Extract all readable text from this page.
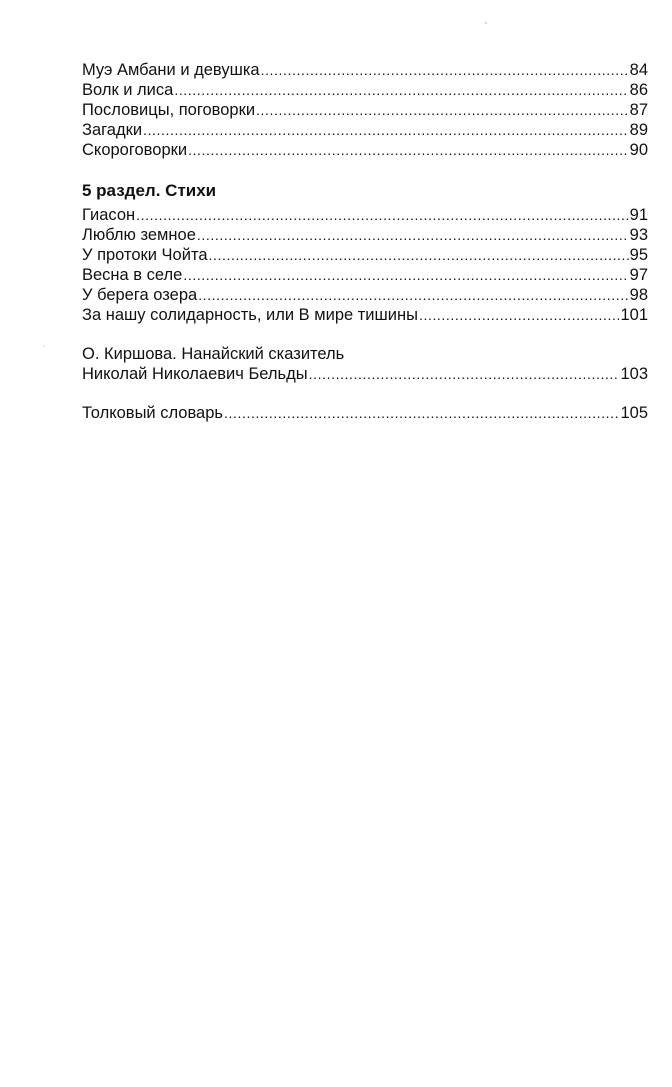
Муэ Амбани и девушка .....	84
Волк и лиса .....	86
Пословицы, поговорки .....	87
Загадки .....	89
Скороговорки .....	90
5 раздел. Стихи
Гиасон .....	91
Люблю земное .....	93
У протоки Чойта .....	95
Весна в селе .....	97
У берега озера .....	98
За нашу солидарность, или В мире тишины .....	101
О. Киршова. Нанайский сказитель
Николай Николаевич Бельды .....	103
Толковый словарь .....	105
